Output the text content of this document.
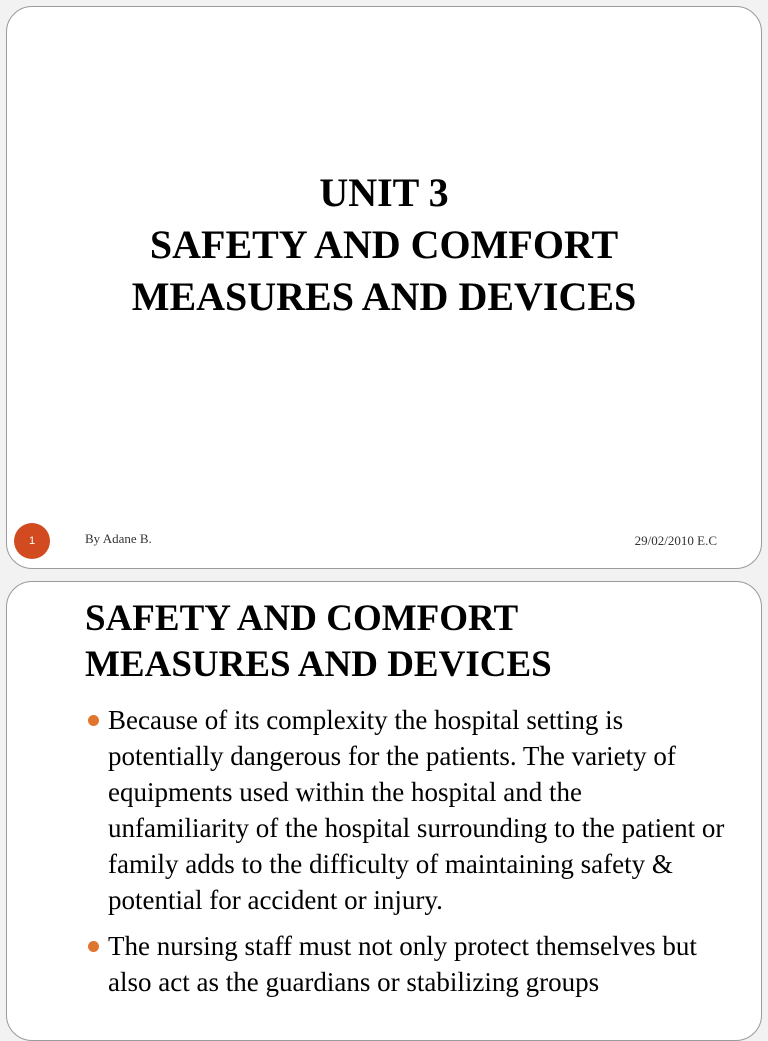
UNIT 3
SAFETY AND COMFORT
MEASURES AND DEVICES
1	By Adane B.	29/02/2010 E.C
SAFETY AND COMFORT
MEASURES AND DEVICES
Because of its complexity the hospital setting is potentially dangerous for the patients. The variety of equipments used within the hospital and the unfamiliarity of the hospital surrounding to the patient or family adds to the difficulty of maintaining safety & potential for accident or injury.
The nursing staff must not only protect themselves but also act as the guardians or stabilizing groups
